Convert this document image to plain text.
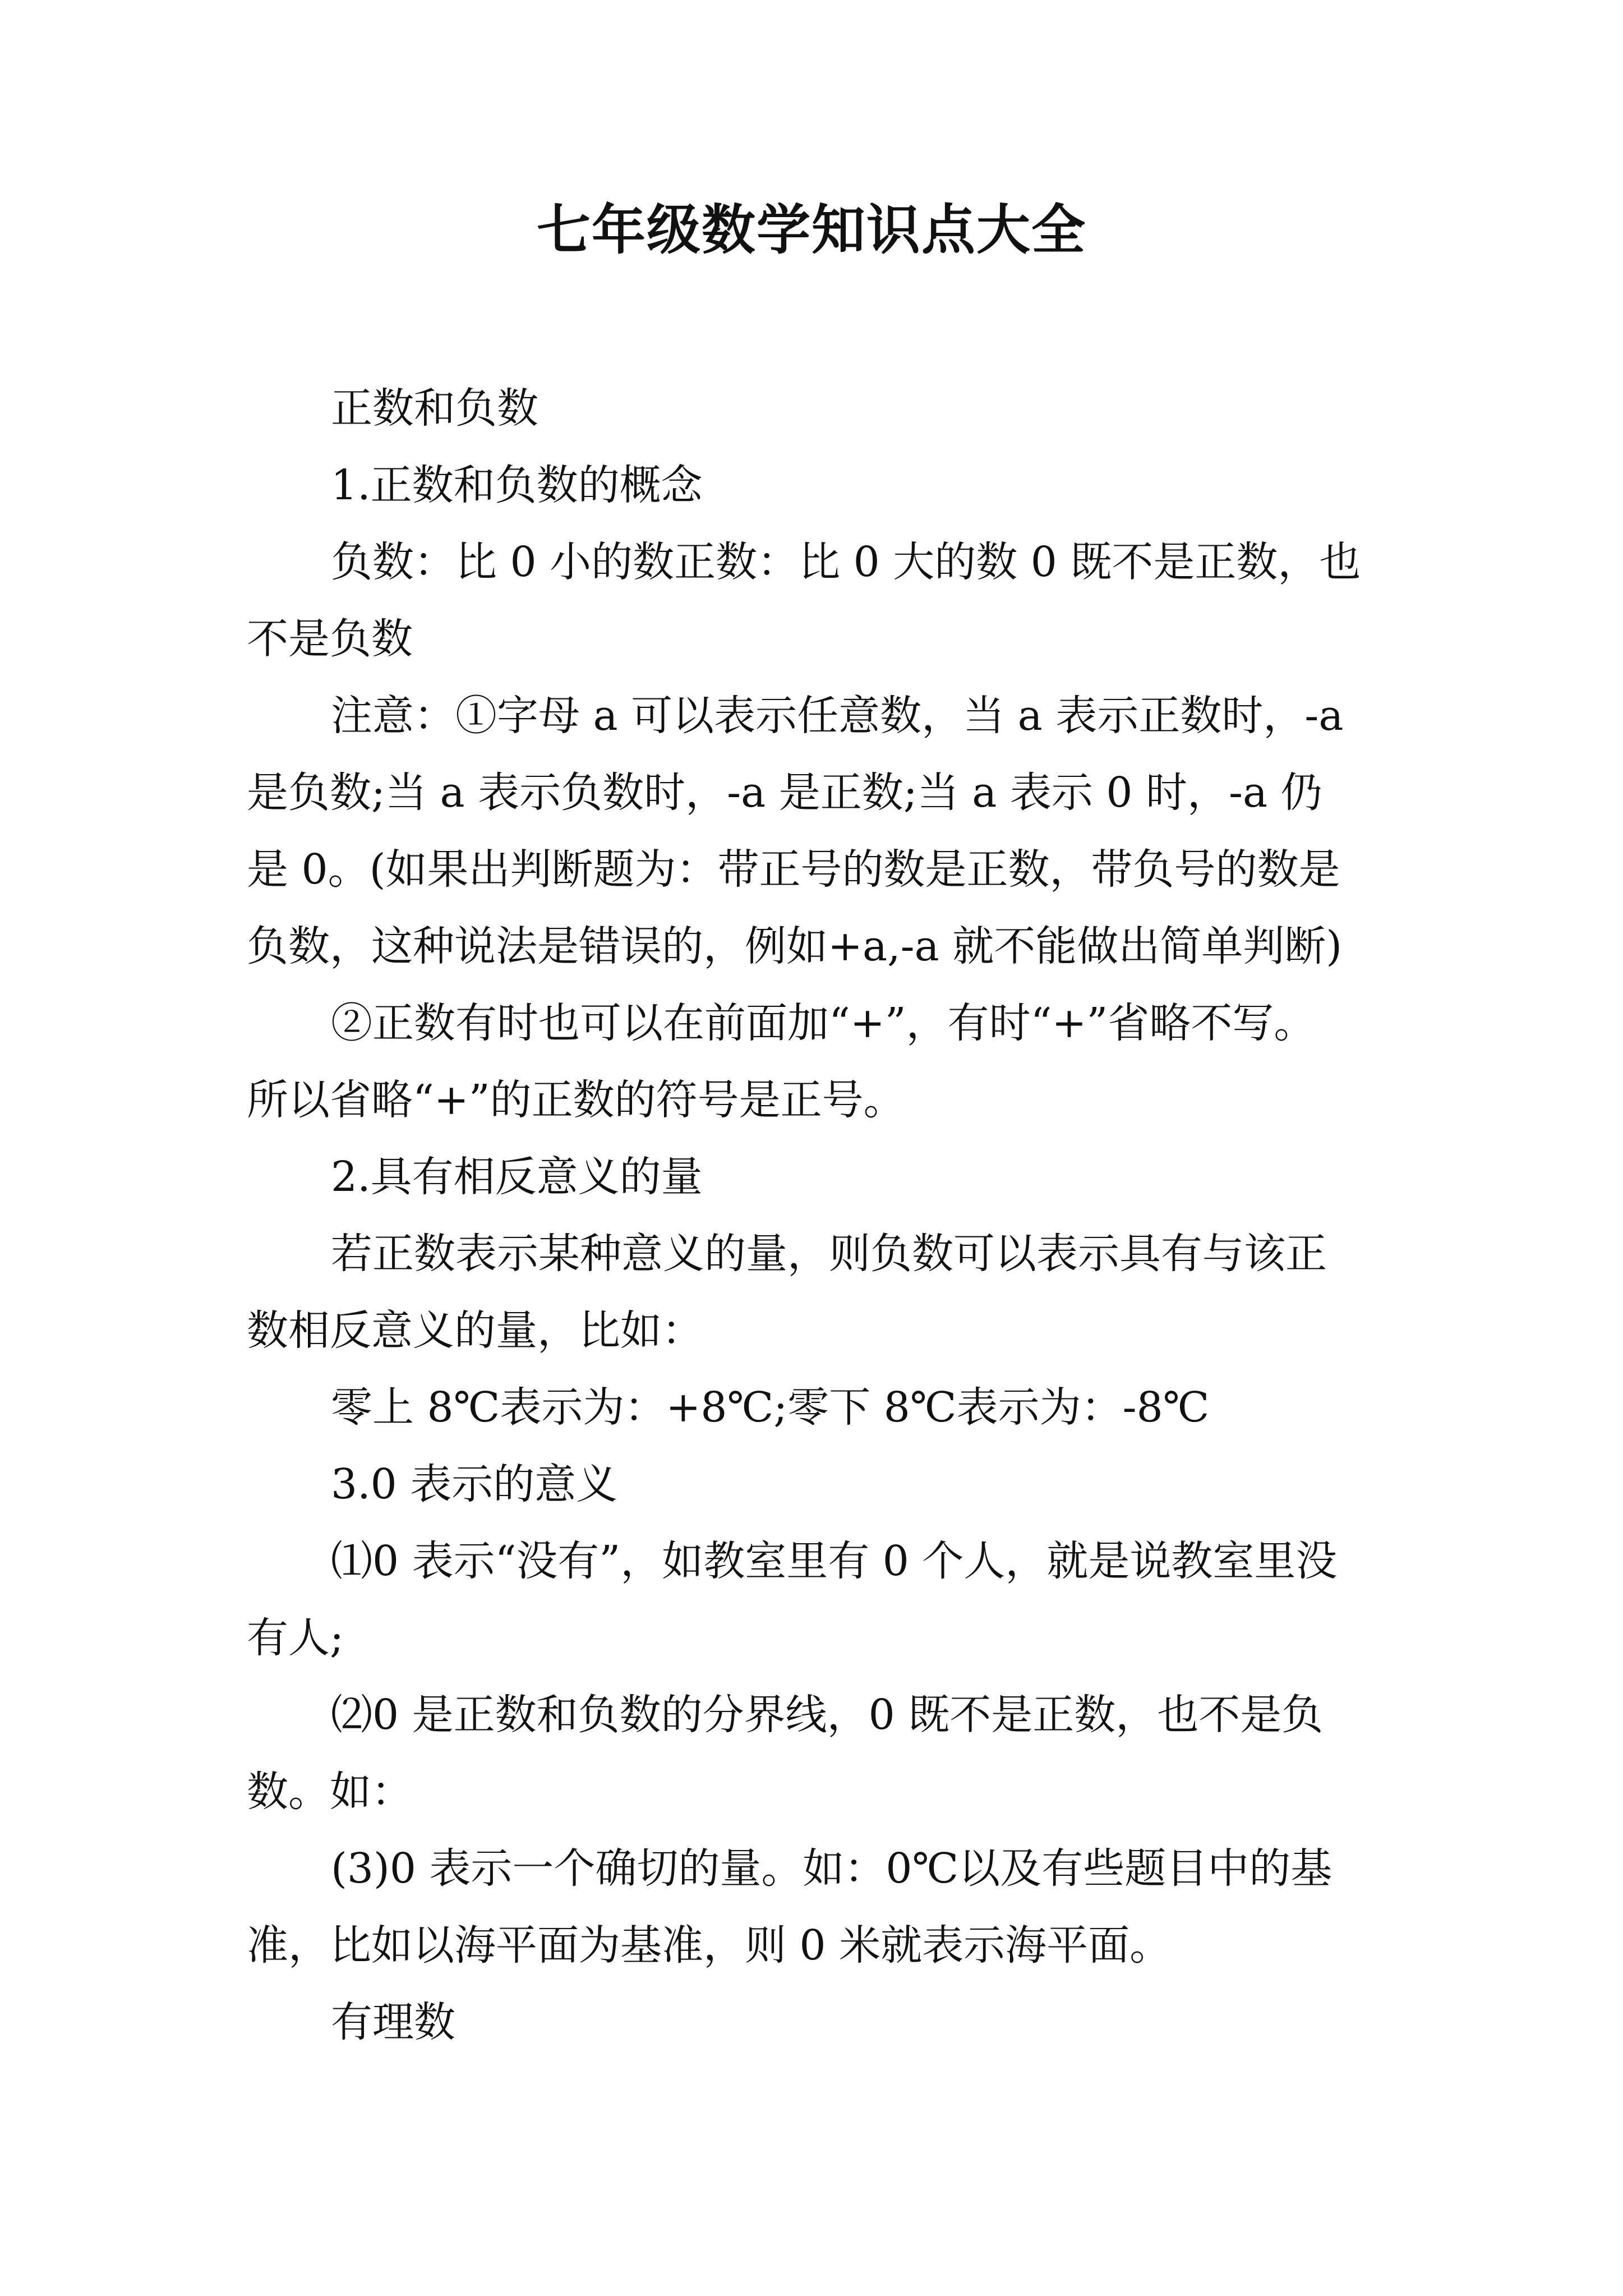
七年级数学知识点大全
正数和负数
1.正数和负数的概念
负数：比 0 小的数正数：比 0 大的数 0 既不是正数，也
不是负数
注意：①字母 a 可以表示任意数，当 a 表示正数时，-a
是负数;当 a 表示负数时，-a 是正数;当 a 表示 0 时，-a 仍
是 0。(如果出判断题为：带正号的数是正数，带负号的数是
负数，这种说法是错误的，例如+a,-a 就不能做出简单判断)
②正数有时也可以在前面加“+”，有时“+”省略不写。
所以省略“+”的正数的符号是正号。
2.具有相反意义的量
若正数表示某种意义的量，则负数可以表示具有与该正
数相反意义的量，比如：
零上 8℃表示为：+8℃;零下 8℃表示为：-8℃
3.0 表示的意义
⑴0 表示“没有”，如教室里有 0 个人，就是说教室里没
有人;
⑵0 是正数和负数的分界线，0 既不是正数，也不是负
数。如：
(3)0 表示一个确切的量。如：0℃以及有些题目中的基
准，比如以海平面为基准，则 0 米就表示海平面。
有理数
